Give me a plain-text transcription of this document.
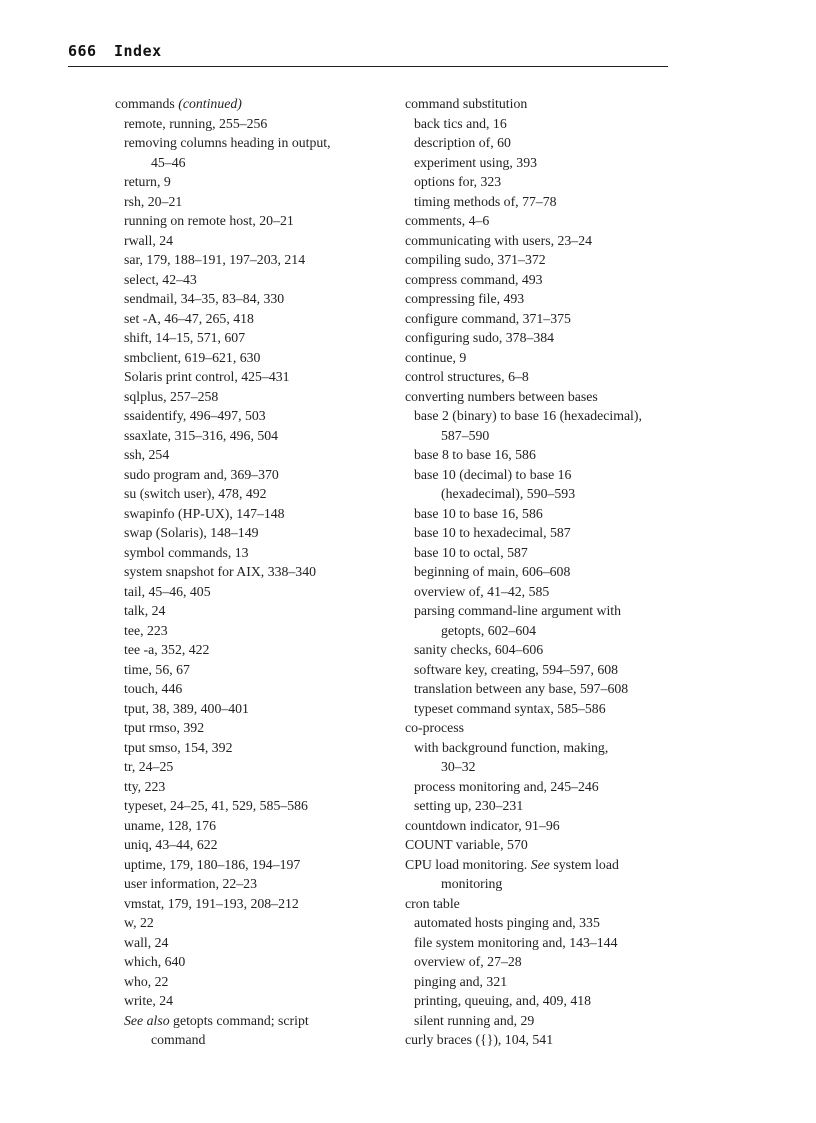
666 Index
commands (continued)
remote, running, 255–256
removing columns heading in output,
45–46
return, 9
rsh, 20–21
running on remote host, 20–21
rwall, 24
sar, 179, 188–191, 197–203, 214
select, 42–43
sendmail, 34–35, 83–84, 330
set -A, 46–47, 265, 418
shift, 14–15, 571, 607
smbclient, 619–621, 630
Solaris print control, 425–431
sqlplus, 257–258
ssaidentify, 496–497, 503
ssaxlate, 315–316, 496, 504
ssh, 254
sudo program and, 369–370
su (switch user), 478, 492
swapinfo (HP-UX), 147–148
swap (Solaris), 148–149
symbol commands, 13
system snapshot for AIX, 338–340
tail, 45–46, 405
talk, 24
tee, 223
tee -a, 352, 422
time, 56, 67
touch, 446
tput, 38, 389, 400–401
tput rmso, 392
tput smso, 154, 392
tr, 24–25
tty, 223
typeset, 24–25, 41, 529, 585–586
uname, 128, 176
uniq, 43–44, 622
uptime, 179, 180–186, 194–197
user information, 22–23
vmstat, 179, 191–193, 208–212
w, 22
wall, 24
which, 640
who, 22
write, 24
See also getopts command; script
command
command substitution
back tics and, 16
description of, 60
experiment using, 393
options for, 323
timing methods of, 77–78
comments, 4–6
communicating with users, 23–24
compiling sudo, 371–372
compress command, 493
compressing file, 493
configure command, 371–375
configuring sudo, 378–384
continue, 9
control structures, 6–8
converting numbers between bases
base 2 (binary) to base 16 (hexadecimal),
587–590
base 8 to base 16, 586
base 10 (decimal) to base 16
(hexadecimal), 590–593
base 10 to base 16, 586
base 10 to hexadecimal, 587
base 10 to octal, 587
beginning of main, 606–608
overview of, 41–42, 585
parsing command-line argument with
getopts, 602–604
sanity checks, 604–606
software key, creating, 594–597, 608
translation between any base, 597–608
typeset command syntax, 585–586
co-process
with background function, making,
30–32
process monitoring and, 245–246
setting up, 230–231
countdown indicator, 91–96
COUNT variable, 570
CPU load monitoring. See system load
monitoring
cron table
automated hosts pinging and, 335
file system monitoring and, 143–144
overview of, 27–28
pinging and, 321
printing, queuing, and, 409, 418
silent running and, 29
curly braces ({}), 104, 541
